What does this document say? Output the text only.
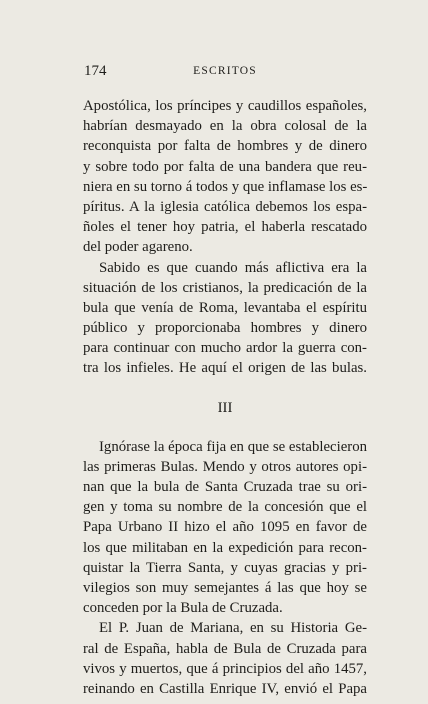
174	ESCRITOS
Apostólica, los príncipes y caudillos españoles,
habrían desmayado en la obra colosal de la
reconquista por falta de hombres y de dinero
y sobre todo por falta de una bandera que reu-
niera en su torno á todos y que inflamase los es-
píritus. A la iglesia católica debemos los espa-
ñoles el tener hoy patria, el haberla rescatado
del poder agareno.
Sabido es que cuando más aflictiva era la
situación de los cristianos, la predicación de la
bula que venía de Roma, levantaba el espíritu
público y proporcionaba hombres y dinero
para continuar con mucho ardor la guerra con-
tra los infieles. He aquí el origen de las bulas.
III
Ignórase la época fija en que se establecieron
las primeras Bulas. Mendo y otros autores opi-
nan que la bula de Santa Cruzada trae su ori-
gen y toma su nombre de la concesión que el
Papa Urbano II hizo el año 1095 en favor de
los que militaban en la expedición para recon-
quistar la Tierra Santa, y cuyas gracias y pri-
vilegios son muy semejantes á las que hoy se
conceden por la Bula de Cruzada.
El P. Juan de Mariana, en su Historia Ge-
ral de España, habla de Bula de Cruzada para
vivos y muertos, que á principios del año 1457,
reinando en Castilla Enrique IV, envió el Papa
